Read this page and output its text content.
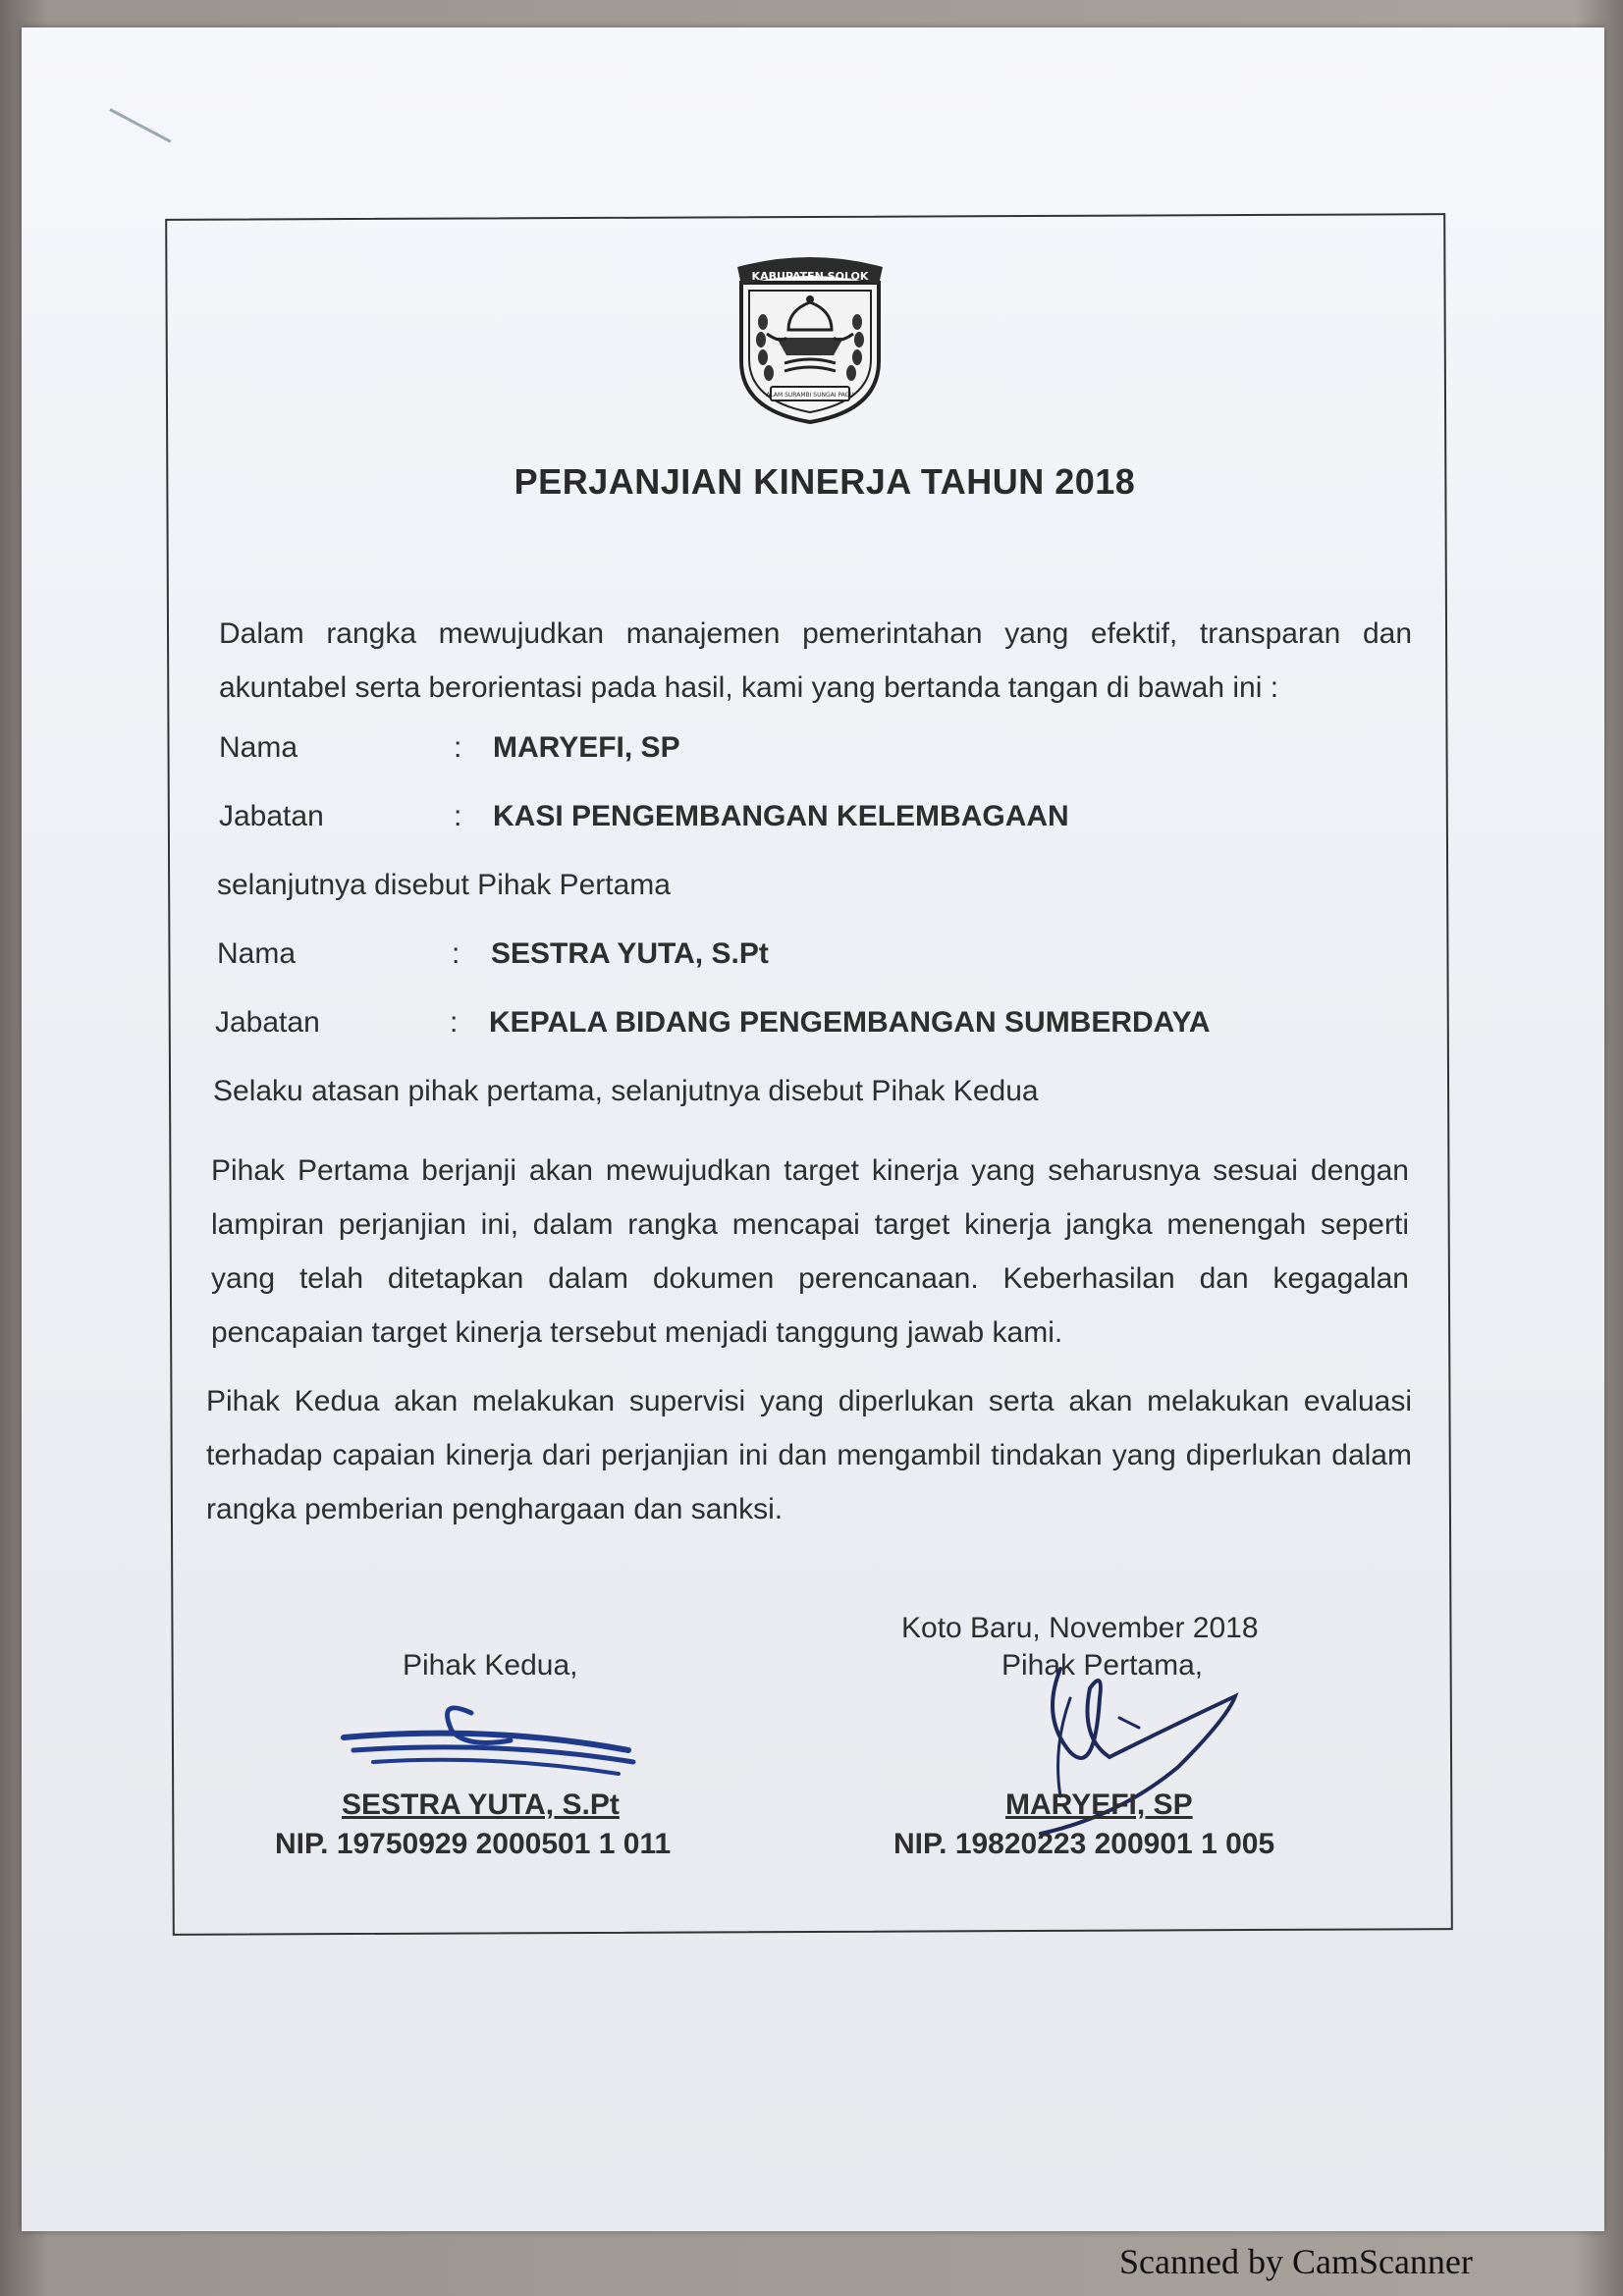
KABUPATEN SOLOK
ALAM SURAMBI SUNGAI PAGU
PERJANJIAN KINERJA TAHUN 2018
Dalam rangka mewujudkan manajemen pemerintahan yang efektif, transparan dan akuntabel serta berorientasi pada hasil, kami yang bertanda tangan di bawah ini :
Nama	: MARYEFI, SP
Jabatan	: KASI PENGEMBANGAN KELEMBAGAAN
selanjutnya disebut Pihak Pertama
Nama	: SESTRA YUTA, S.Pt
Jabatan	: KEPALA BIDANG PENGEMBANGAN SUMBERDAYA
Selaku atasan pihak pertama, selanjutnya disebut Pihak Kedua
Pihak Pertama berjanji akan mewujudkan target kinerja yang seharusnya sesuai dengan lampiran perjanjian ini, dalam rangka mencapai target kinerja jangka menengah seperti yang telah ditetapkan dalam dokumen perencanaan. Keberhasilan dan kegagalan pencapaian target kinerja tersebut menjadi tanggung jawab kami.
Pihak Kedua akan melakukan supervisi yang diperlukan serta akan melakukan evaluasi terhadap capaian kinerja dari perjanjian ini dan mengambil tindakan yang diperlukan dalam rangka pemberian penghargaan dan sanksi.
Koto Baru, November 2018
Pihak Kedua,	Pihak Pertama,
SESTRA YUTA, S.Pt	MARYEFI, SP
NIP. 19750929 2000501 1 011	NIP. 19820223 200901 1 005
Scanned by CamScanner
